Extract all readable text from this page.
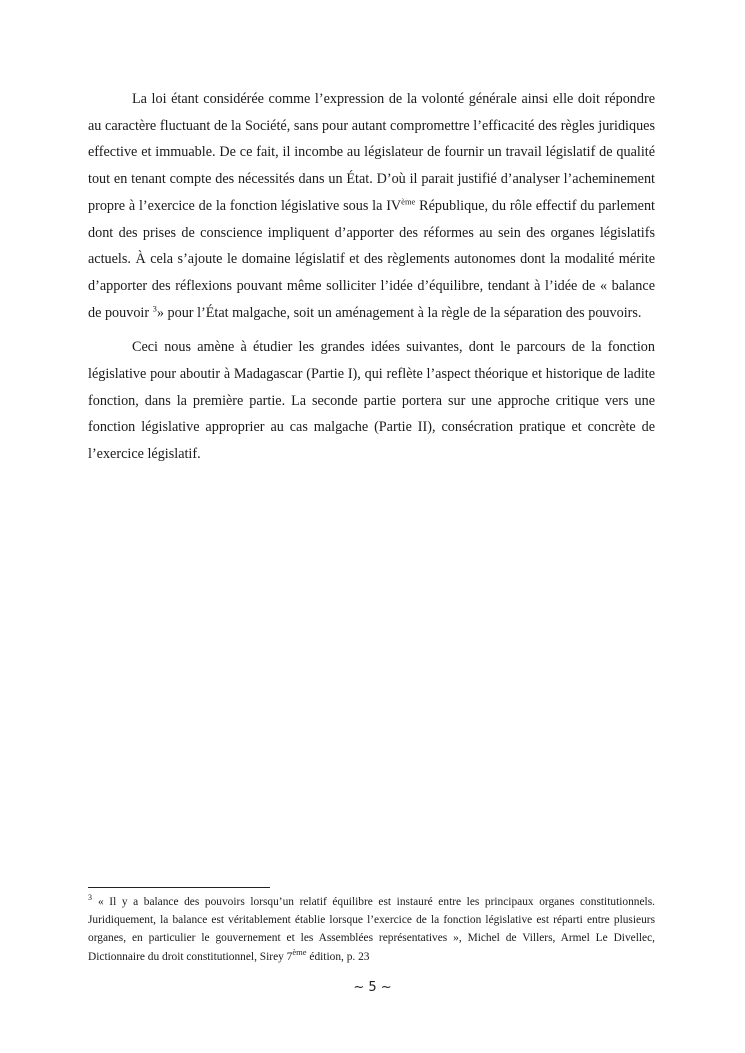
La loi étant considérée comme l’expression de la volonté générale ainsi elle doit répondre au caractère fluctuant de la Société, sans pour autant compromettre l’efficacité des règles juridiques effective et immuable. De ce fait, il incombe au législateur de fournir un travail législatif de qualité tout en tenant compte des nécessités dans un État. D’où il parait justifié d’analyser l’acheminement propre à l’exercice de la fonction législative sous la IVème République, du rôle effectif du parlement dont des prises de conscience impliquent d’apporter des réformes au sein des organes législatifs actuels. À cela s’ajoute le domaine législatif et des règlements autonomes dont la modalité mérite d’apporter des réflexions pouvant même solliciter l’idée d’équilibre, tendant à l’idée de « balance de pouvoir $^3$» pour l’État malgache, soit un aménagement à la règle de la séparation des pouvoirs.

Ceci nous amène à étudier les grandes idées suivantes, dont le parcours de la fonction législative pour aboutir à Madagascar (Partie I), qui reflète l’aspect théorique et historique de ladite fonction, dans la première partie. La seconde partie portera sur une approche critique vers une fonction législative approprier au cas malgache (Partie II), consécration pratique et concrète de l’exercice législatif.

$^3$ « Il y a balance des pouvoirs lorsqu’un relatif équilibre est instauré entre les principaux organes constitutionnels. Juridiquement, la balance est véritablement établie lorsque l’exercice de la fonction législative est réparti entre plusieurs organes, en particulier le gouvernement et les Assemblées représentatives », Michel de Villers, Armel Le Divellec, Dictionnaire du droit constitutionnel, Sirey 7ème édition, p. 23
~ 5 ~
